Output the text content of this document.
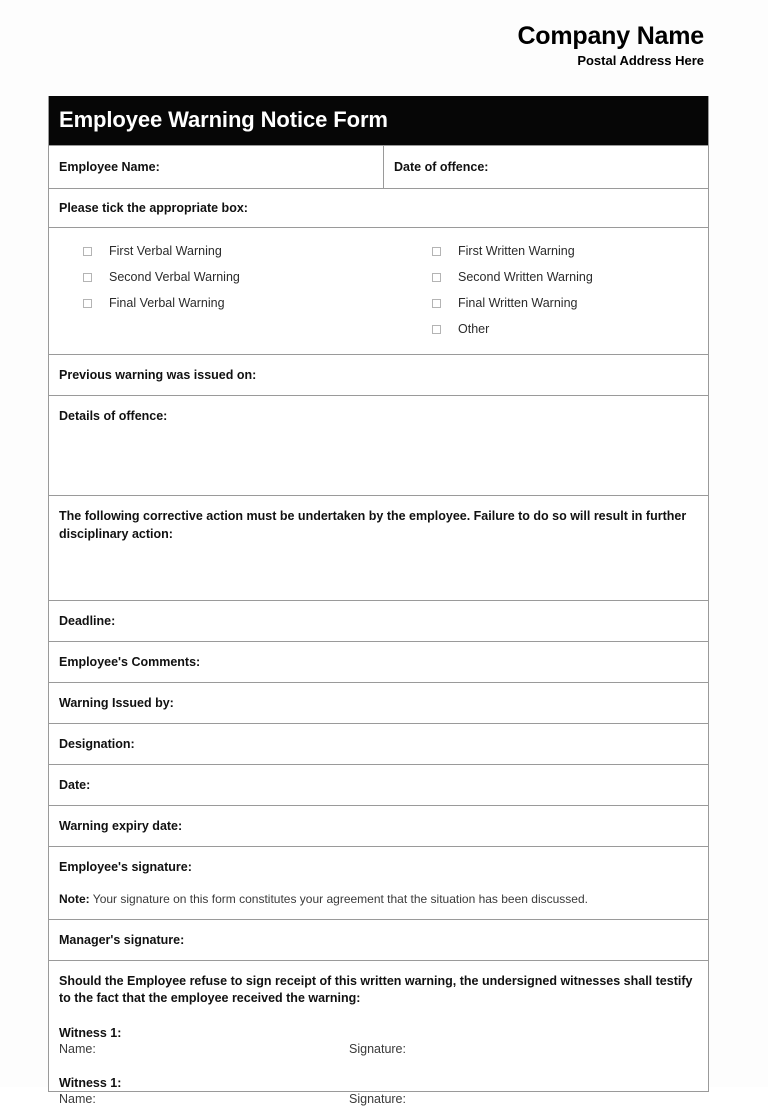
Company Name
Postal Address Here
Employee Warning Notice Form
Employee Name:	Date of offence:
Please tick the appropriate box:
First Verbal Warning
Second Verbal Warning
Final Verbal Warning
First Written Warning
Second Written Warning
Final Written Warning
Other
Previous warning was issued on:
Details of offence:
The following corrective action must be undertaken by the employee. Failure to do so will result in further disciplinary action:
Deadline:
Employee's Comments:
Warning Issued by:
Designation:
Date:
Warning expiry date:
Employee's signature:
Note: Your signature on this form constitutes your agreement that the situation has been discussed.
Manager's signature:
Should the Employee refuse to sign receipt of this written warning, the undersigned witnesses shall testify to the fact that the employee received the warning:
Witness 1:
Name:	Signature:
Witness 1:
Name:	Signature:
